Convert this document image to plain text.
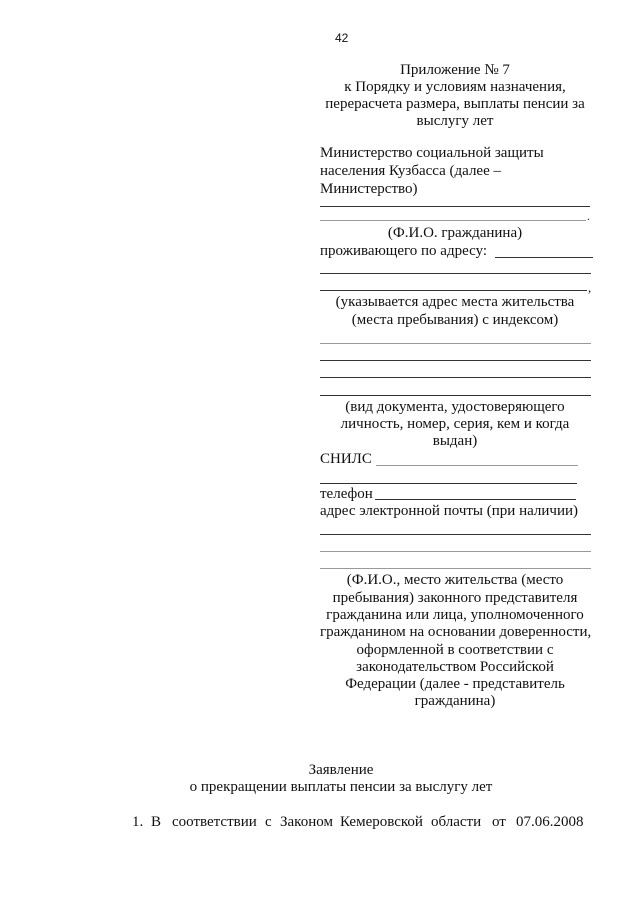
42
Приложение № 7
к Порядку и условиям назначения,
перерасчета размера, выплаты пенсии за
выслугу лет
Министерство социальной защиты
населения Кузбасса (далее –
Министерство)
.
(Ф.И.О. гражданина)
проживающего по адресу:
,
(указывается адрес места жительства
(места пребывания) с индексом)
(вид документа, удостоверяющего
личность, номер, серия, кем и когда
выдан)
СНИЛС
телефон
адрес электронной почты (при наличии)
(Ф.И.О., место жительства (место
пребывания) законного представителя
гражданина или лица, уполномоченного
гражданином на основании доверенности,
оформленной в соответствии с
законодательством Российской
Федерации (далее - представитель
гражданина)
Заявление
о прекращении выплаты пенсии за выслугу лет
1. В соответствии с Законом Кемеровской области от 07.06.2008
